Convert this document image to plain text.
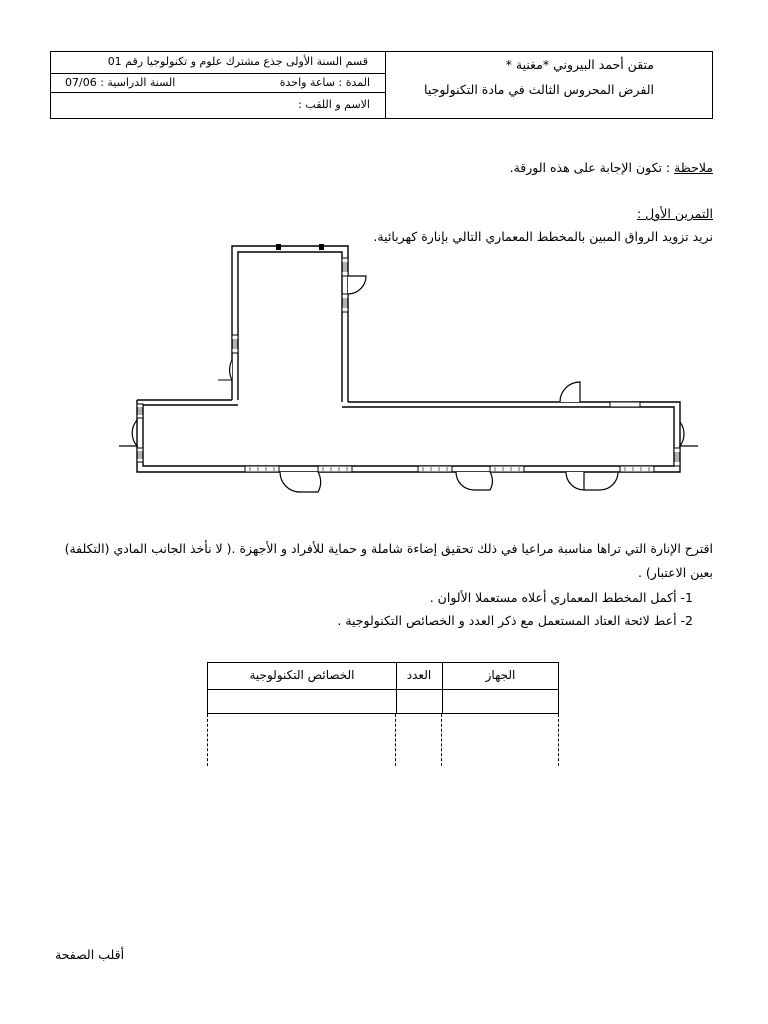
قسم السنة الأولى جذع مشترك علوم و تكنولوجيا رقم 01
المدة : ساعة واحدة
السنة الدراسية : 07/06
الاسم و اللقب :
متقن أحمد البيروني *مغنية *
الفرض المحروس الثالث في مادة التكنولوجيا
ملاحظة : تكون الإجابة على هذه الورقة.
التمرين الأول :
نريد تزويد الرواق المبين بالمخطط المعماري التالي بإنارة كهربائية.
اقترح الإنارة التي تراها مناسبة مراعيا في ذلك تحقيق إضاءة شاملة و حماية للأفراد و الأجهزة .( لا نأخذ الجانب المادي (التكلفة)
بعين الاعتبار) .
1- أكمل المخطط المعماري أعلاه مستعملا الألوان .
2- أعط لائحة العتاد المستعمل مع ذكر العدد و الخصائص التكنولوجية .
الجهاز
العدد
الخصائص التكنولوجية
أقلب الصفحة
